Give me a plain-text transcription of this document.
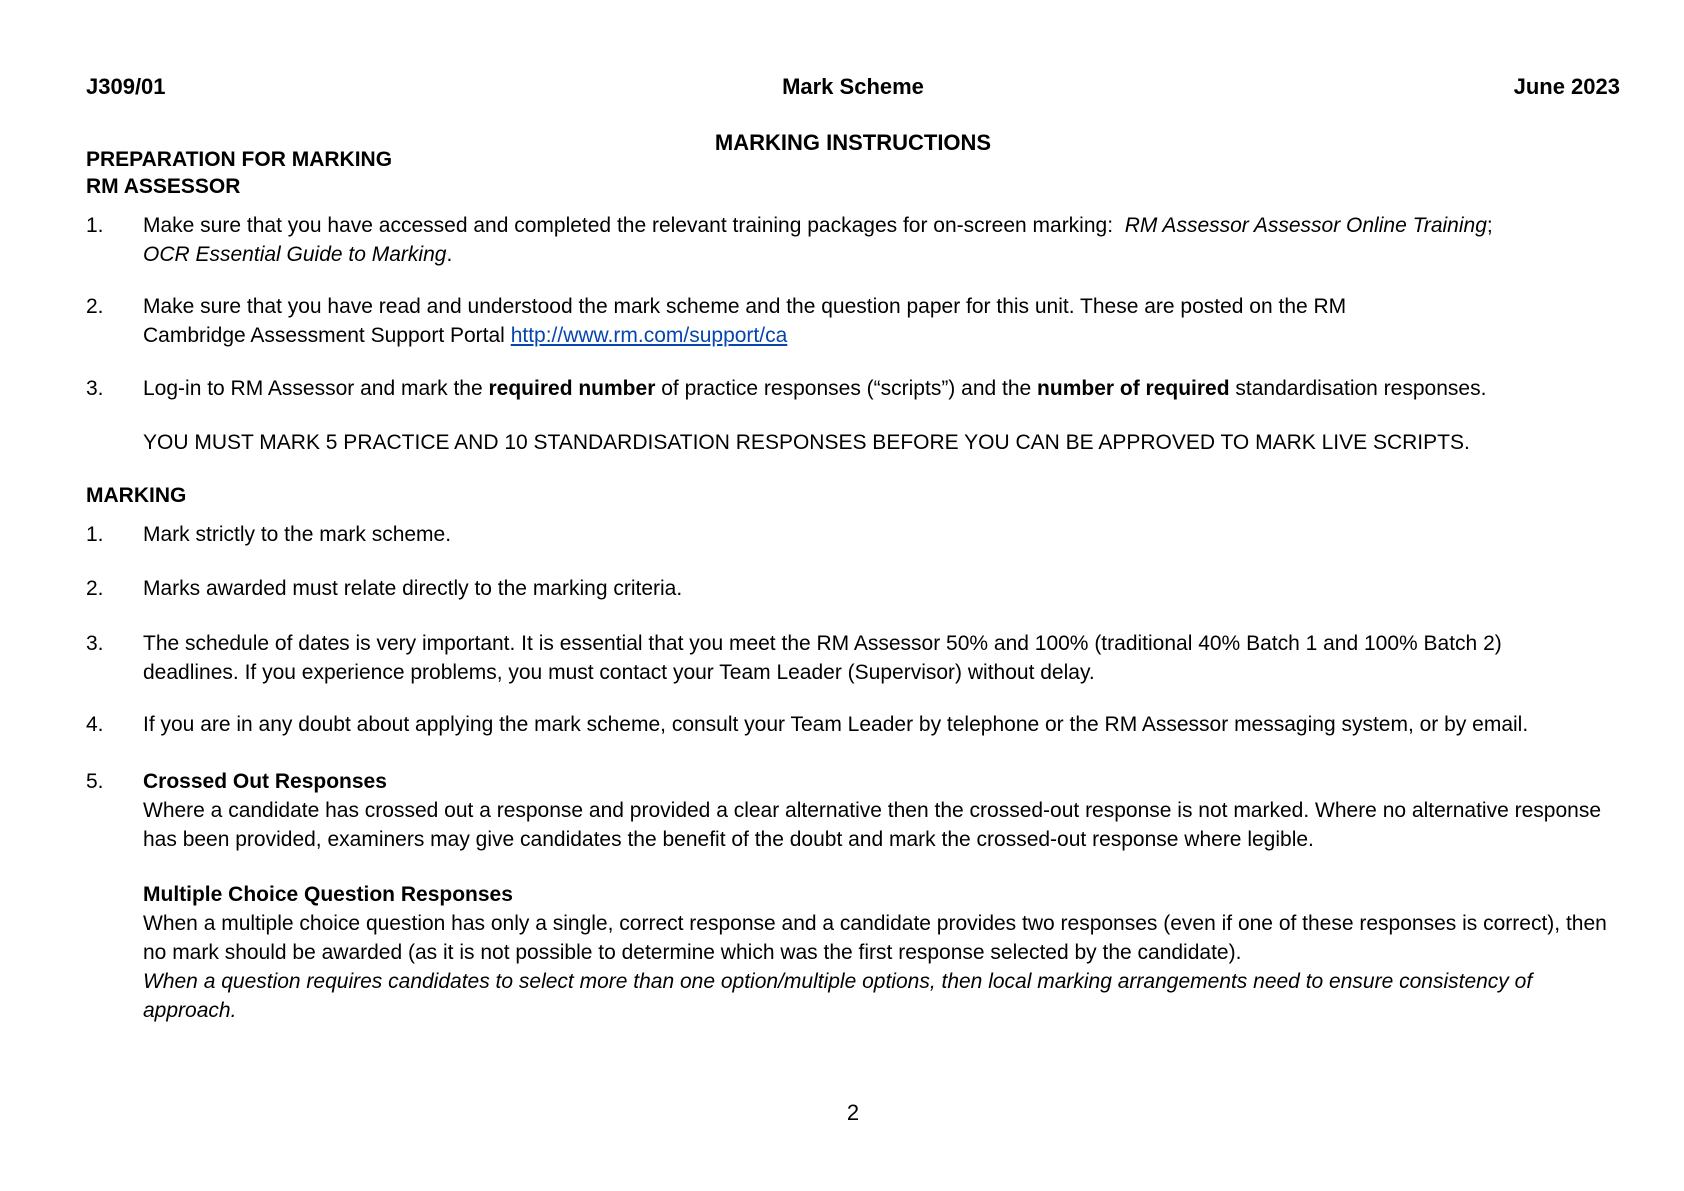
J309/01	Mark Scheme	June 2023
MARKING INSTRUCTIONS
PREPARATION FOR MARKING
RM ASSESSOR
1.	Make sure that you have accessed and completed the relevant training packages for on-screen marking: RM Assessor Assessor Online Training;
OCR Essential Guide to Marking.
2.	Make sure that you have read and understood the mark scheme and the question paper for this unit. These are posted on the RM Cambridge Assessment Support Portal http://www.rm.com/support/ca
3.	Log-in to RM Assessor and mark the required number of practice responses (“scripts”) and the number of required standardisation responses.
YOU MUST MARK 5 PRACTICE AND 10 STANDARDISATION RESPONSES BEFORE YOU CAN BE APPROVED TO MARK LIVE SCRIPTS.
MARKING
1.	Mark strictly to the mark scheme.
2.	Marks awarded must relate directly to the marking criteria.
3.	The schedule of dates is very important. It is essential that you meet the RM Assessor 50% and 100% (traditional 40% Batch 1 and 100% Batch 2) deadlines. If you experience problems, you must contact your Team Leader (Supervisor) without delay.
4.	If you are in any doubt about applying the mark scheme, consult your Team Leader by telephone or the RM Assessor messaging system, or by email.
5.	Crossed Out Responses
Where a candidate has crossed out a response and provided a clear alternative then the crossed-out response is not marked. Where no alternative response has been provided, examiners may give candidates the benefit of the doubt and mark the crossed-out response where legible.
Multiple Choice Question Responses
When a multiple choice question has only a single, correct response and a candidate provides two responses (even if one of these responses is correct), then no mark should be awarded (as it is not possible to determine which was the first response selected by the candidate).
When a question requires candidates to select more than one option/multiple options, then local marking arrangements need to ensure consistency of approach.
2
